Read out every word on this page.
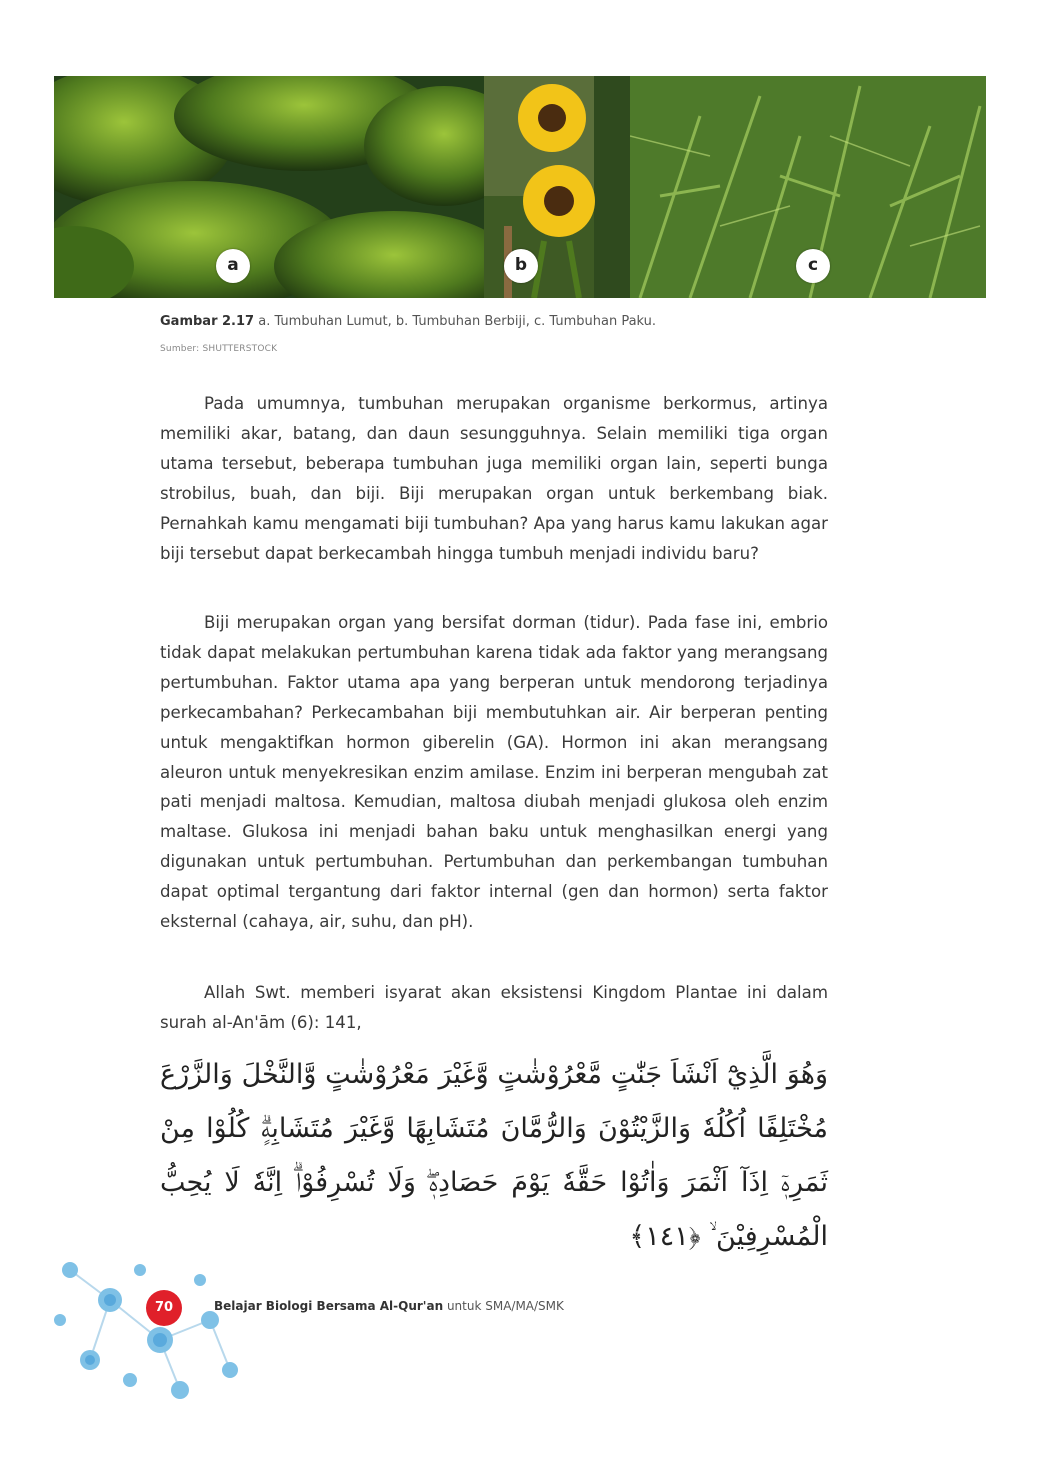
a	b	c
Gambar 2.17 a. Tumbuhan Lumut, b. Tumbuhan Berbiji, c. Tumbuhan Paku.
Sumber: SHUTTERSTOCK

Pada umumnya, tumbuhan merupakan organisme berkormus, artinya memiliki akar, batang, dan daun sesungguhnya. Selain memiliki tiga organ utama tersebut, beberapa tumbuhan juga memiliki organ lain, seperti bunga strobilus, buah, dan biji. Biji merupakan organ untuk berkembang biak. Pernahkah kamu mengamati biji tumbuhan? Apa yang harus kamu lakukan agar biji tersebut dapat berkecambah hingga tumbuh menjadi individu baru?

Biji merupakan organ yang bersifat dorman (tidur). Pada fase ini, embrio tidak dapat melakukan pertumbuhan karena tidak ada faktor yang merangsang pertumbuhan. Faktor utama apa yang berperan untuk mendorong terjadinya perkecambahan? Perkecambahan biji membutuhkan air. Air berperan penting untuk mengaktifkan hormon giberelin (GA). Hormon ini akan merangsang aleuron untuk menyekresikan enzim amilase. Enzim ini berperan mengubah zat pati menjadi maltosa. Kemudian, maltosa diubah menjadi glukosa oleh enzim maltase. Glukosa ini menjadi bahan baku untuk menghasilkan energi yang digunakan untuk pertumbuhan. Pertumbuhan dan perkembangan tumbuhan dapat optimal tergantung dari faktor internal (gen dan hormon) serta faktor eksternal (cahaya, air, suhu, dan pH).

Allah Swt. memberi isyarat akan eksistensi Kingdom Plantae ini dalam surah al-An'ām (6): 141,

وَهُوَ الَّذِيْٓ اَنْشَاَ جَنّٰتٍ مَّعْرُوْشٰتٍ وَّغَيْرَ مَعْرُوْشٰتٍ وَّالنَّخْلَ وَالزَّرْعَ مُخْتَلِفًا اُكُلُهٗ وَالزَّيْتُوْنَ وَالرُّمَّانَ مُتَشَابِهًا وَّغَيْرَ مُتَشَابِهٍۗ كُلُوْا مِنْ ثَمَرِهٖٓ اِذَآ اَثْمَرَ وَاٰتُوْا حَقَّهٗ يَوْمَ حَصَادِهٖۖ وَلَا تُسْرِفُوْاۗ اِنَّهٗ لَا يُحِبُّ الْمُسْرِفِيْنَ ۙ ﴿١٤١﴾
70	Belajar Biologi Bersama Al-Qur'an untuk SMA/MA/SMK
